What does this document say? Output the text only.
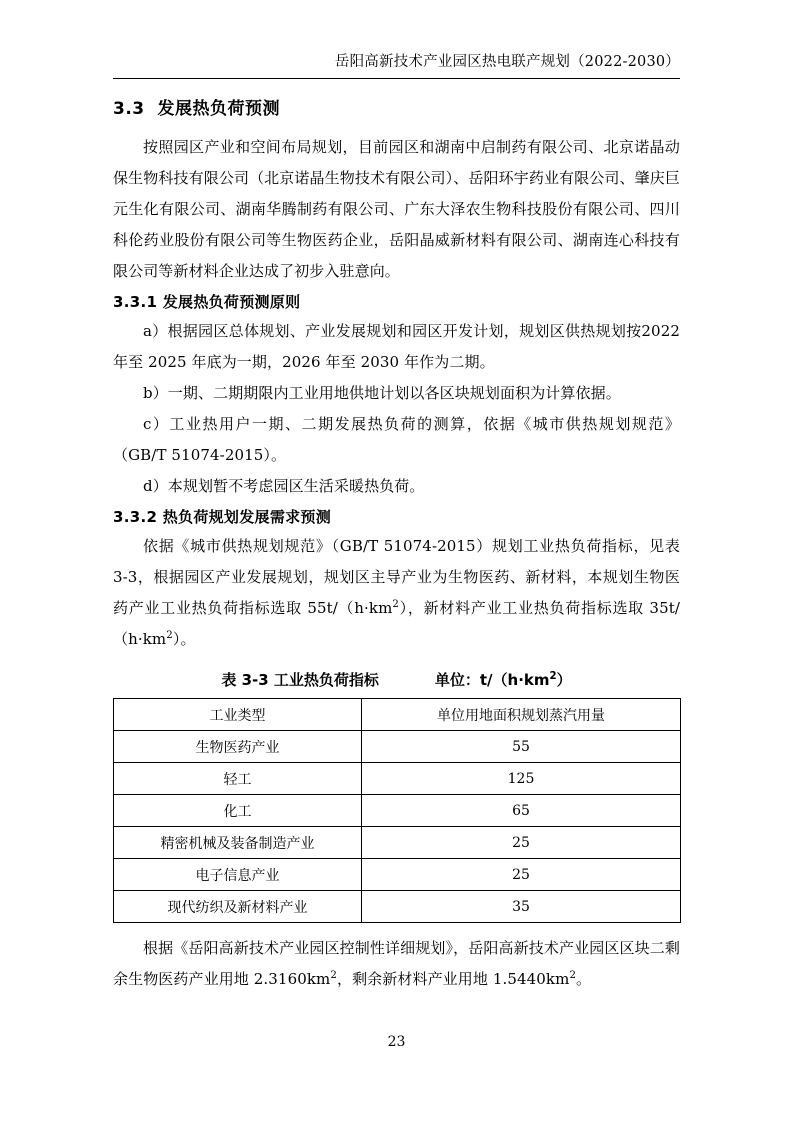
岳阳高新技术产业园区热电联产规划（2022-2030）
3.3 发展热负荷预测

按照园区产业和空间布局规划，目前园区和湖南中启制药有限公司、北京诺晶动保生物科技有限公司（北京诺晶生物技术有限公司）、岳阳环宇药业有限公司、肇庆巨元生化有限公司、湖南华腾制药有限公司、广东大泽农生物科技股份有限公司、四川科伦药业股份有限公司等生物医药企业，岳阳晶威新材料有限公司、湖南连心科技有限公司等新材料企业达成了初步入驻意向。

3.3.1 发展热负荷预测原则

a）根据园区总体规划、产业发展规划和园区开发计划，规划区供热规划按2022 年至 2025 年底为一期，2026 年至 2030 年作为二期。

b）一期、二期期限内工业用地供地计划以各区块规划面积为计算依据。

c）工业热用户一期、二期发展热负荷的测算，依据《城市供热规划规范》（GB/T 51074-2015）。

d）本规划暂不考虑园区生活采暖热负荷。

3.3.2 热负荷规划发展需求预测

依据《城市供热规划规范》（GB/T 51074-2015）规划工业热负荷指标，见表 3-3，根据园区产业发展规划，规划区主导产业为生物医药、新材料，本规划生物医药产业工业热负荷指标选取 $55t/(h\cdot km^2)$，新材料产业工业热负荷指标选取 $35t/(h\cdot km^2)$。

表 3-3 工业热负荷指标	单位：$t/(h\cdot km^2)$
工业类型	单位用地面积规划蒸汽用量
生物医药产业	55
轻工	125
化工	65
精密机械及装备制造产业	25
电子信息产业	25
现代纺织及新材料产业	35

根据《岳阳高新技术产业园区控制性详细规划》，岳阳高新技术产业园区区块二剩余生物医药产业用地 $2.3160km^2$，剩余新材料产业用地 $1.5440km^2$。

23
